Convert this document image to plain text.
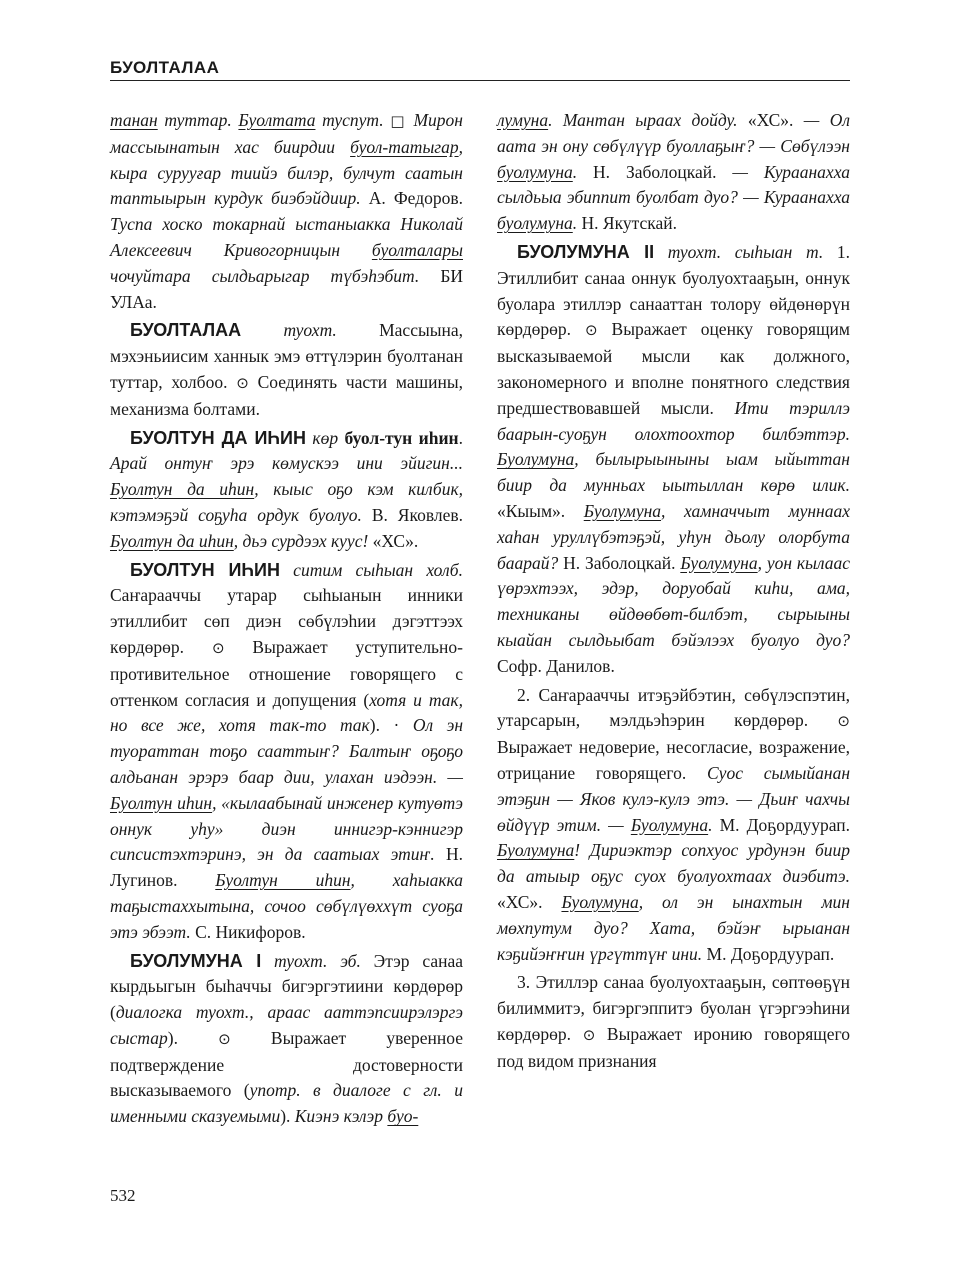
БУОЛТАЛАА

танан туттар. Буолтата туспут. □ Мирон массыынатын хас биирдии буол-татыгар, кыра сурууғар тиийэ билэр, булчут саатын таптыырын курдук биэбэйдиир. А. Федоров. Туспа хоско токарнай ыстаныакка Николай Алексеевич Кривогорницын буолталары чочуйтара сылдьарыгар түбэһэбит. БИ УЛАа.

БУОЛТАЛАА туохт. Массыына, мэхэньиисим ханнык эмэ өттүлэрин буолтанан туттар, холбоо. ⊙ Соединять части машины, механизма болтами.

БУОЛТУН ДА ИҺИН көр буол-тун иһин. Арай онтуҥ эрэ көмускээ ини эйигин... Буолтун да иһин, кыыс оҕо кэм килбик, кэтэмэҕэй соҕуһа ордук буолуо. В. Яковлев. Буолтун да иһин, дьэ сурдээх куус! «ХС».

БУОЛТУН ИҺИН ситим сыһыан холб. Саҥарааччы утарар сыһыанын инники этиллибит сөп диэн сөбүлэһии дэгэттээх көрдөрөр. ⊙ Выражает уступительно-противительное отношение говорящего с оттенком согласия и допущения (хотя и так, но все же, хотя так-то так). · Ол эн туораттан тоҕо сааттыҥ? Балтыҥ оҕоҕо алдьанан эрэрэ баар дии, улахан иэдээн. — Буолтун иһин, «кылаабынай инженер кутуөтэ оннук уһу» диэн иннигэр-кэннигэр сипсистэхтэринэ, эн да саатыах этиҥ. Н. Лугинов. Буолтун иһин, хаһыакка таҕыстаххытына, сочоо сөбүлүөххүт суоҕа этэ эбээт. С. Никифоров.

БУОЛУМУНА I туохт. эб. Этэр санаа кырдьыгын быһаччы бигэргэтиини көрдөрөр (диалогка туохт., араас ааттэпсиирэлэргэ сыстар). ⊙ Выражает уверенное подтверждение достоверности высказываемого (употр. в диалоге с гл. и именными сказуемыми). Киэнэ кэлэр буо-

лумуна. Мантан ыраах дойду. «ХС». — Ол аата эн ону сөбүлүүр буоллаҕыҥ? — Сөбүлээн буолумуна. Н. Заболоцкай. — Кураанахха сылдьыа эбиппит буолбат дуо? — Кураанахха буолумуна. Н. Якутскай.

БУОЛУМУНА II туохт. сыһыан т. 1. Этиллибит санаа оннук буолуохтааҕын, оннук буолара этиллэр санааттан толору өйдөнөрүн көрдөрөр. ⊙ Выражает оценку говорящим высказываемой мысли как должного, закономерного и вполне понятного следствия предшествовавшей мысли. Ити тэриллэ баарын-суоҕун олохтоохтор билбэттэр. Буолумуна, былырыыныны ыам ыйыттан биир да мунньах ыытыллан көрө илик. «Кыым». Буолумуна, хамначчыт муннаах хаһан уруллүбэтэҕэй, уһун дьолу олорбута баарай? Н. Заболоцкай. Буолумуна, уон кылаас үөрэхтээх, эдэр, доруобай киһи, ама, техниканы өйдөөбөт-билбэт, сырыыны кыайан сылдьыбат бэйэлээх буолуо дуо? Софр. Данилов.

2. Саҥарааччы итэҕэйбэтин, сөбүлэспэтин, утарсарын, мэлдьэһэрин көрдөрөр. ⊙ Выражает недоверие, несогласие, возражение, отрицание говорящего. Суос сымыйанан этэҕин — Яков кулэ-кулэ этэ. — Дьиҥ чахчы өйдүүр этим. — Буолумуна. М. Доҕордуурап. Буолумуна! Дириэктэр сопхуос урдунэн биир да атыыр оҕус суох буолуохтаах диэбитэ. «ХС». Буолумуна, ол эн ынахтын мин мөхпутум дуо? Хата, бэйэҥ ырыанан кэҕийэҥҥин үргүттүҥ ини. М. Доҕордуурап.

3. Этиллэр санаа буолуохтааҕын, сөптөөҕүн билиммитэ, бигэргэппитэ буолан үгэргээһини көрдөрөр. ⊙ Выражает иронию говорящего под видом признания

532
